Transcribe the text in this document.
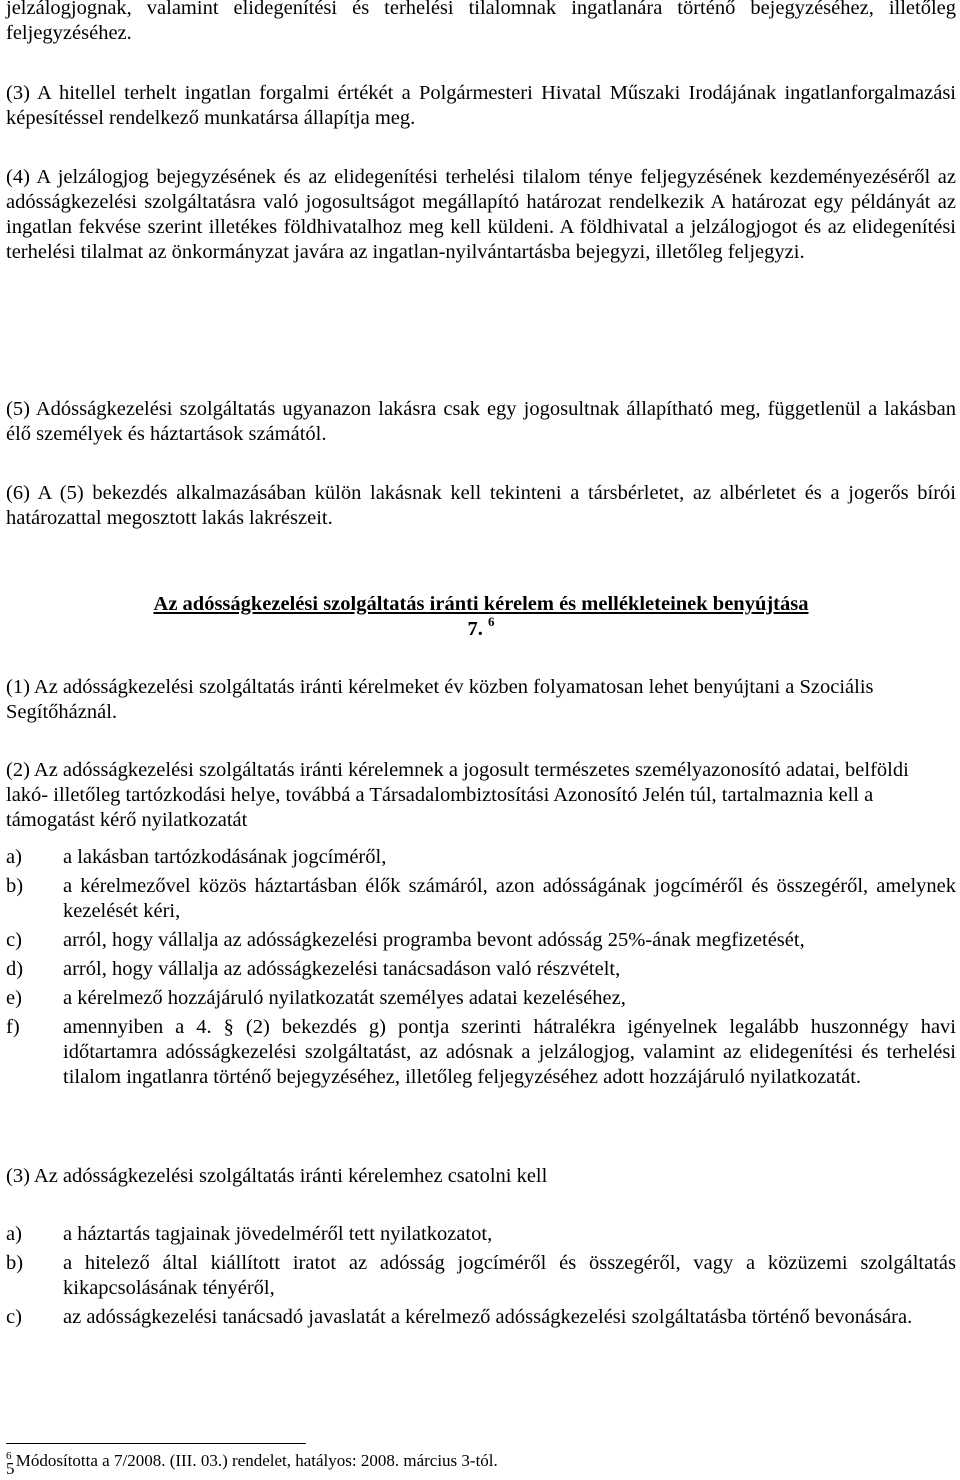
jelzálogjognak, valamint elidegenítési és terhelési tilalomnak ingatlanára történő bejegyzéséhez, illetőleg feljegyzéséhez.

(3) A hitellel terhelt ingatlan forgalmi értékét a Polgármesteri Hivatal Műszaki Irodájának ingatlanforgalmazási képesítéssel rendelkező munkatársa állapítja meg.

(4) A jelzálogjog bejegyzésének és az elidegenítési terhelési tilalom ténye feljegyzésének kezdeményezéséről az adósságkezelési szolgáltatásra való jogosultságot megállapító határozat rendelkezik A határozat egy példányát az ingatlan fekvése szerint illetékes földhivatalhoz meg kell küldeni. A földhivatal a jelzálogjogot és az elidegenítési terhelési tilalmat az önkormányzat javára az ingatlan-nyilvántartásba bejegyzi, illetőleg feljegyzi.

(5) Adósságkezelési szolgáltatás ugyanazon lakásra csak egy jogosultnak állapítható meg, függetlenül a lakásban élő személyek és háztartások számától.

(6) A (5) bekezdés alkalmazásában külön lakásnak kell tekinteni a társbérletet, az albérletet és a jogerős bírói határozattal megosztott lakás lakrészeit.

Az adósságkezelési szolgáltatás iránti kérelem és mellékleteinek benyújtása
7. $^6$

(1) Az adósságkezelési szolgáltatás iránti kérelmeket év közben folyamatosan lehet benyújtani a Szociális Segítőháznál.

(2) Az adósságkezelési szolgáltatás iránti kérelemnek a jogosult természetes személyazonosító adatai, belföldi lakó- illetőleg tartózkodási helye, továbbá a Társadalombiztosítási Azonosító Jelén túl, tartalmaznia kell a támogatást kérő nyilatkozatát

a) a lakásban tartózkodásának jogcíméről,
b) a kérelmezővel közös háztartásban élők számáról, azon adósságának jogcíméről és összegéről, amelynek kezelését kéri,
c) arról, hogy vállalja az adósságkezelési programba bevont adósság 25%-ának megfizetését,
d) arról, hogy vállalja az adósságkezelési tanácsadáson való részvételt,
e) a kérelmező hozzájáruló nyilatkozatát személyes adatai kezeléséhez,
f) amennyiben a 4. § (2) bekezdés g) pontja szerinti hátralékra igényelnek legalább huszonnégy havi időtartamra adósságkezelési szolgáltatást, az adósnak a jelzálogjog, valamint az elidegenítési és terhelési tilalom ingatlanra történő bejegyzéséhez, illetőleg feljegyzéséhez adott hozzájáruló nyilatkozatát.

(3) Az adósságkezelési szolgáltatás iránti kérelemhez csatolni kell

a) a háztartás tagjainak jövedelméről tett nyilatkozatot,
b) a hitelező által kiállított iratot az adósság jogcíméről és összegéről, vagy a közüzemi szolgáltatás kikapcsolásának tényéről,
c) az adósságkezelési tanácsadó javaslatát a kérelmező adósságkezelési szolgáltatásba történő bevonására.
$^6$ Módosította a 7/2008. (III. 03.) rendelet, hatályos: 2008. március 3-tól.
5
